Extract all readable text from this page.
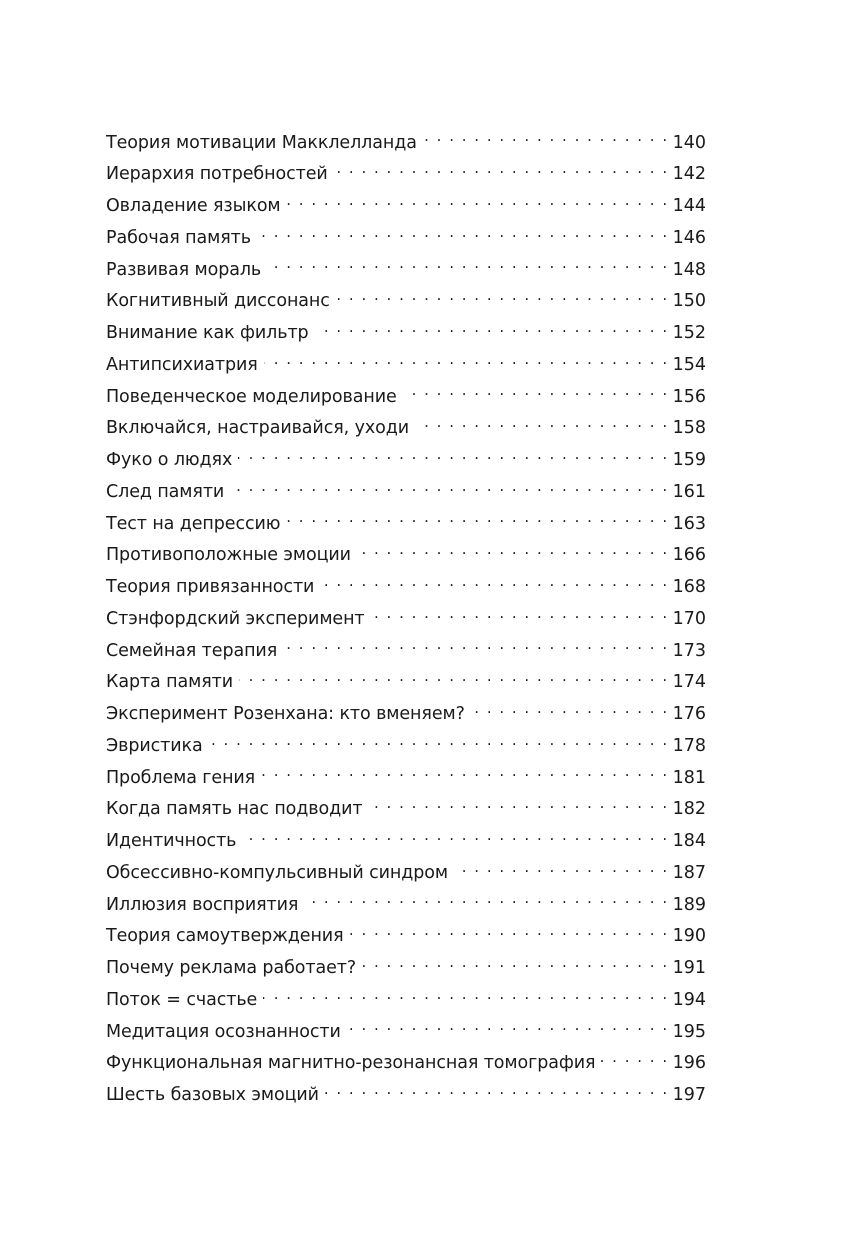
Теория мотивации Макклелланда . . .	140
Иерархия потребностей . . .	142
Овладение языком . . .	144
Рабочая память . . .	146
Развивая мораль . . .	148
Когнитивный диссонанс . . .	150
Внимание как фильтр . . .	152
Антипсихиатрия . . .	154
Поведенческое моделирование . . .	156
Включайся, настраивайся, уходи . . .	158
Фуко о людях . . .	159
След памяти . . .	161
Тест на депрессию . . .	163
Противоположные эмоции . . .	166
Теория привязанности . . .	168
Стэнфордский эксперимент . . .	170
Семейная терапия . . .	173
Карта памяти . . .	174
Эксперимент Розенхана: кто вменяем? . . .	176
Эвристика . . .	178
Проблема гения . . .	181
Когда память нас подводит . . .	182
Идентичность . . .	184
Обсессивно-компульсивный синдром . . .	187
Иллюзия восприятия . . .	189
Теория самоутверждения . . .	190
Почему реклама работает? . . .	191
Поток = счастье . . .	194
Медитация осознанности . . .	195
Функциональная магнитно-резонансная томография . . .	196
Шесть базовых эмоций . . .	197
